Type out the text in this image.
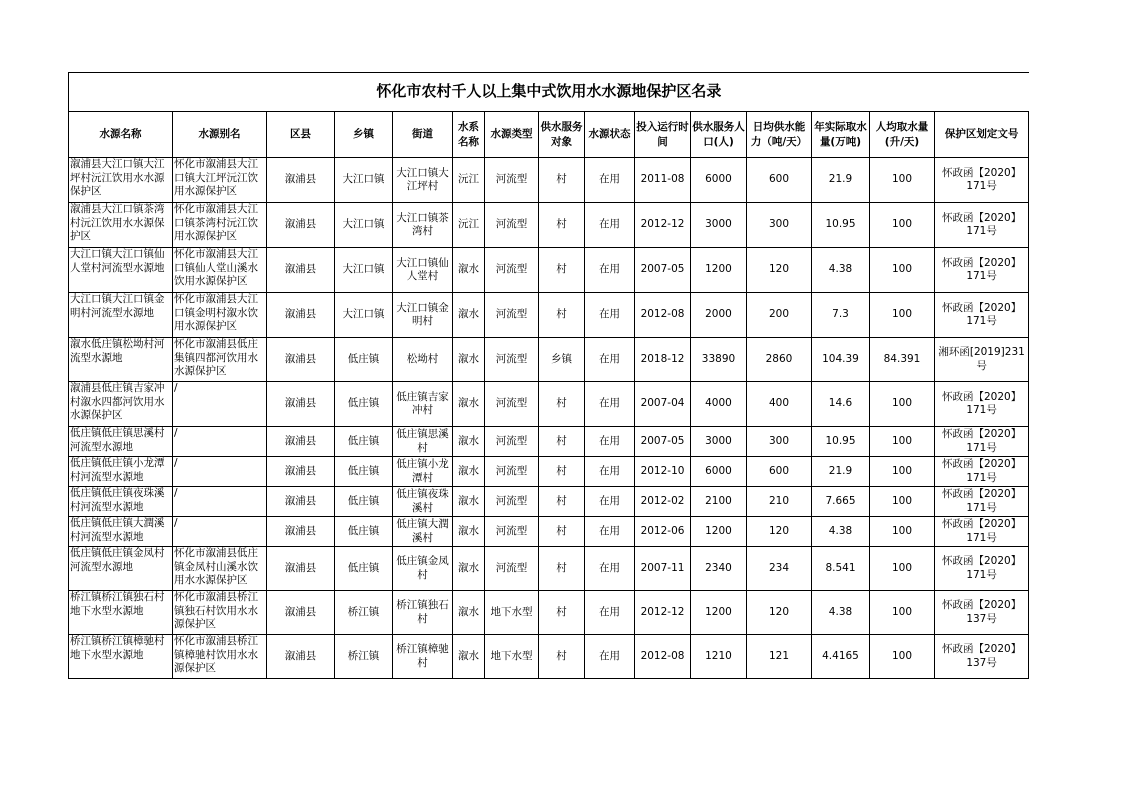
怀化市农村千人以上集中式饮用水水源地保护区名录														
水源名称	水源别名	区县	乡镇	街道	水系名称	水源类型	供水服务对象	水源状态	投入运行时间	供水服务人口(人)	日均供水能力（吨/天）	年实际取水量(万吨)	人均取水量(升/天)	保护区划定文号
溆浦县大江口镇大江坪村沅江饮用水水源保护区	怀化市溆浦县大江口镇大江坪沅江饮用水源保护区	溆浦县	大江口镇	大江口镇大江坪村	沅江	河流型	村	在用	2011-08	6000	600	21.9	100	怀政函【2020】171号
溆浦县大江口镇茶湾村沅江饮用水水源保护区	怀化市溆浦县大江口镇茶湾村沅江饮用水源保护区	溆浦县	大江口镇	大江口镇茶湾村	沅江	河流型	村	在用	2012-12	3000	300	10.95	100	怀政函【2020】171号
大江口镇大江口镇仙人堂村河流型水源地	怀化市溆浦县大江口镇仙人堂山溪水饮用水源保护区	溆浦县	大江口镇	大江口镇仙人堂村	溆水	河流型	村	在用	2007-05	1200	120	4.38	100	怀政函【2020】171号
大江口镇大江口镇金明村河流型水源地	怀化市溆浦县大江口镇金明村溆水饮用水源保护区	溆浦县	大江口镇	大江口镇金明村	溆水	河流型	村	在用	2012-08	2000	200	7.3	100	怀政函【2020】171号
溆水低庄镇松坳村河流型水源地	怀化市溆浦县低庄集镇四都河饮用水水源保护区	溆浦县	低庄镇	松坳村	溆水	河流型	乡镇	在用	2018-12	33890	2860	104.39	84.391	湘环函[2019]231号
溆浦县低庄镇吉家冲村溆水四都河饮用水水源保护区	/	溆浦县	低庄镇	低庄镇吉家冲村	溆水	河流型	村	在用	2007-04	4000	400	14.6	100	怀政函【2020】171号
低庄镇低庄镇思溪村河流型水源地	/	溆浦县	低庄镇	低庄镇思溪村	溆水	河流型	村	在用	2007-05	3000	300	10.95	100	怀政函【2020】171号
低庄镇低庄镇小龙潭村河流型水源地	/	溆浦县	低庄镇	低庄镇小龙潭村	溆水	河流型	村	在用	2012-10	6000	600	21.9	100	怀政函【2020】171号
低庄镇低庄镇夜珠溪村河流型水源地	/	溆浦县	低庄镇	低庄镇夜珠溪村	溆水	河流型	村	在用	2012-02	2100	210	7.665	100	怀政函【2020】171号
低庄镇低庄镇大潤溪村河流型水源地	/	溆浦县	低庄镇	低庄镇大潤溪村	溆水	河流型	村	在用	2012-06	1200	120	4.38	100	怀政函【2020】171号
低庄镇低庄镇金凤村河流型水源地	怀化市溆浦县低庄镇金凤村山溪水饮用水水源保护区	溆浦县	低庄镇	低庄镇金凤村	溆水	河流型	村	在用	2007-11	2340	234	8.541	100	怀政函【2020】171号
桥江镇桥江镇独石村地下水型水源地	怀化市溆浦县桥江镇独石村饮用水水源保护区	溆浦县	桥江镇	桥江镇独石村	溆水	地下水型	村	在用	2012-12	1200	120	4.38	100	怀政函【2020】137号
桥江镇桥江镇樟驰村地下水型水源地	怀化市溆浦县桥江镇樟驰村饮用水水源保护区	溆浦县	桥江镇	桥江镇樟驰村	溆水	地下水型	村	在用	2012-08	1210	121	4.4165	100	怀政函【2020】137号
